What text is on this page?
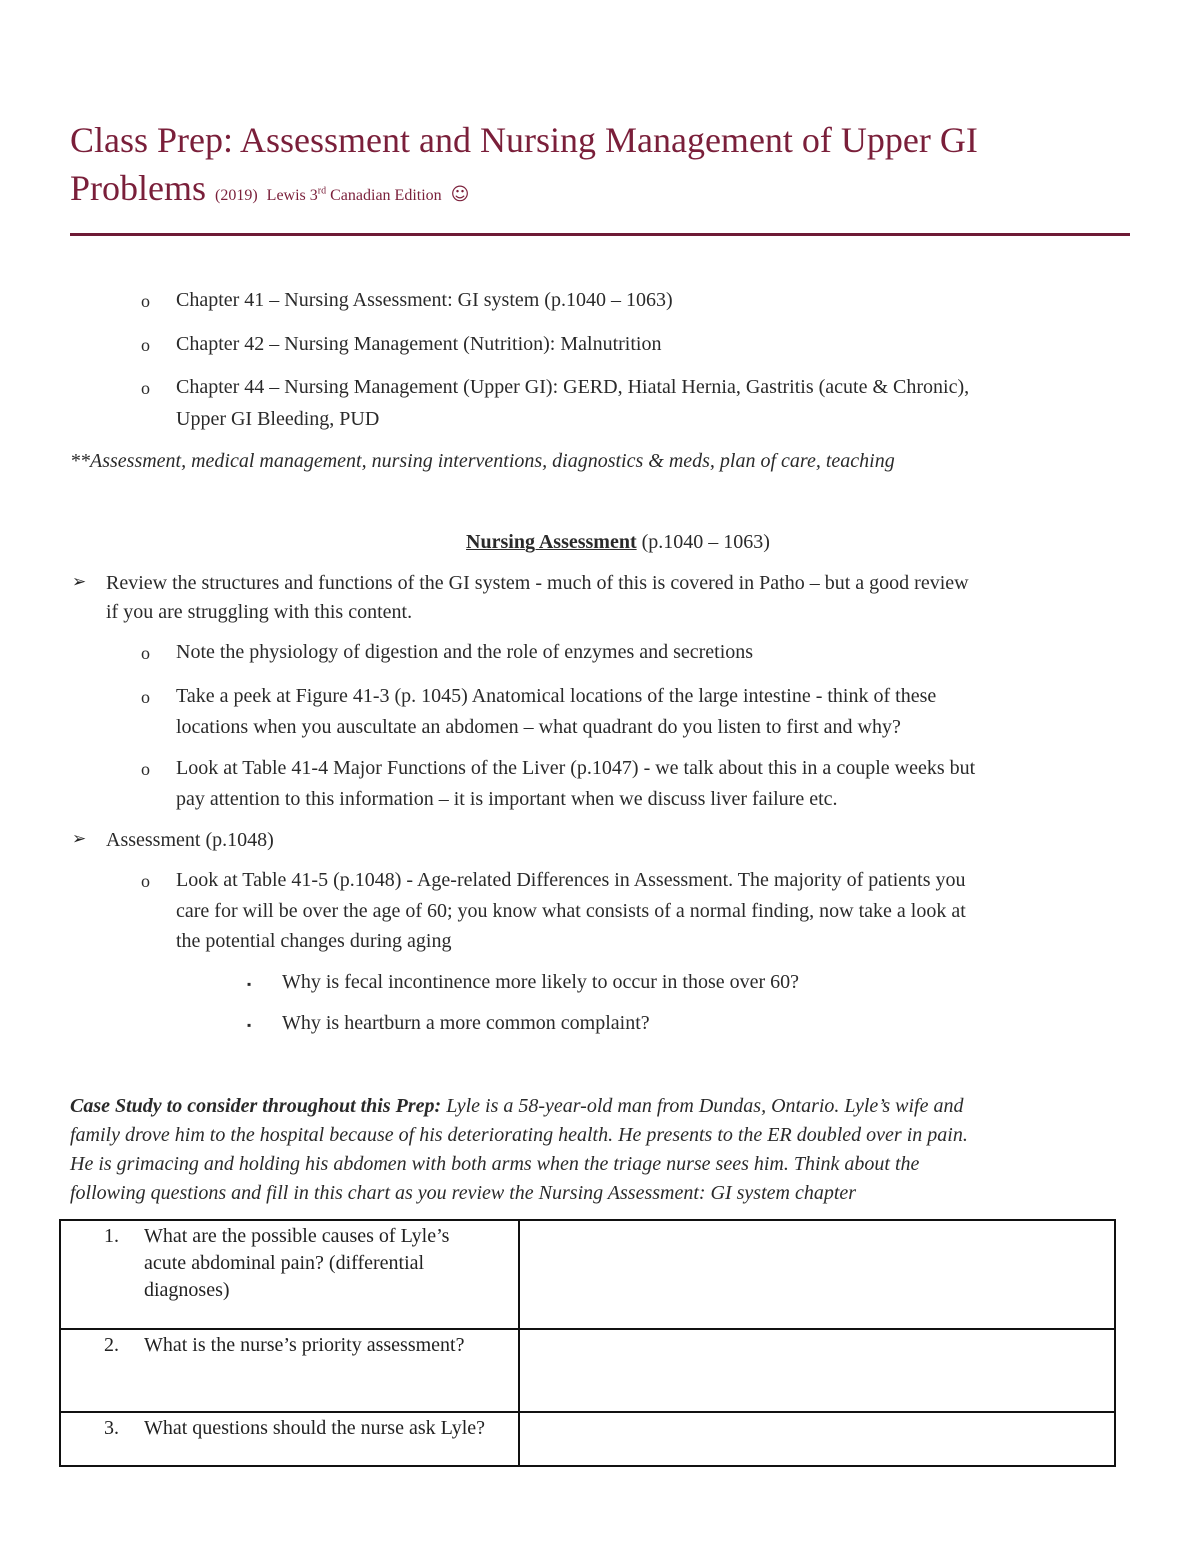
Class Prep: Assessment and Nursing Management of Upper GI
Problems (2019) Lewis 3rd Canadian Edition ☺
o Chapter 41 – Nursing Assessment: GI system (p.1040 – 1063)
o Chapter 42 – Nursing Management (Nutrition): Malnutrition
o Chapter 44 – Nursing Management (Upper GI): GERD, Hiatal Hernia, Gastritis (acute & Chronic),
Upper GI Bleeding, PUD
**Assessment, medical management, nursing interventions, diagnostics & meds, plan of care, teaching
Nursing Assessment (p.1040 – 1063)
➢ Review the structures and functions of the GI system - much of this is covered in Patho – but a good review
if you are struggling with this content.
o Note the physiology of digestion and the role of enzymes and secretions
o Take a peek at Figure 41-3 (p. 1045) Anatomical locations of the large intestine - think of these
locations when you auscultate an abdomen – what quadrant do you listen to first and why?
o Look at Table 41-4 Major Functions of the Liver (p.1047) - we talk about this in a couple weeks but
pay attention to this information – it is important when we discuss liver failure etc.
➢ Assessment (p.1048)
o Look at Table 41-5 (p.1048) - Age-related Differences in Assessment. The majority of patients you
care for will be over the age of 60; you know what consists of a normal finding, now take a look at
the potential changes during aging
▪ Why is fecal incontinence more likely to occur in those over 60?
▪ Why is heartburn a more common complaint?
Case Study to consider throughout this Prep: Lyle is a 58-year-old man from Dundas, Ontario. Lyle’s wife and
family drove him to the hospital because of his deteriorating health. He presents to the ER doubled over in pain.
He is grimacing and holding his abdomen with both arms when the triage nurse sees him. Think about the
following questions and fill in this chart as you review the Nursing Assessment: GI system chapter
1. What are the possible causes of Lyle’s acute abdominal pain? (differential diagnoses)	

2. What is the nurse’s priority assessment?	

3. What questions should the nurse ask Lyle?	
